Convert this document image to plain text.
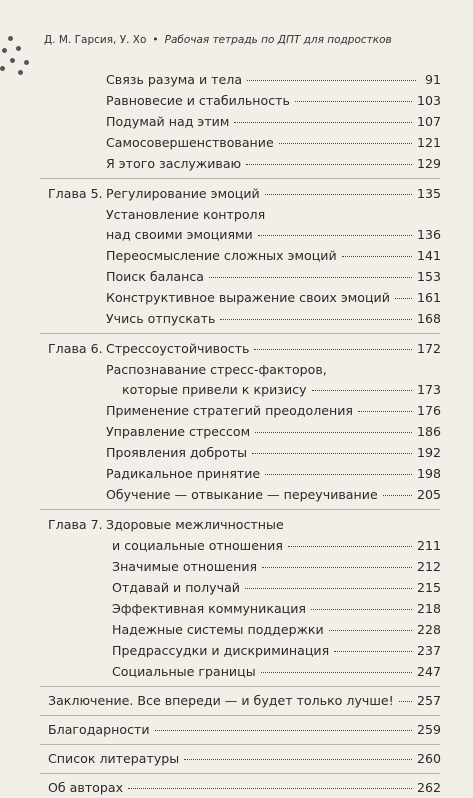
Д. М. Гарсия, У. Хо • Рабочая тетрадь по ДПТ для подростков
Связь разума и тела	91
Равновесие и стабильность	103
Подумай над этим	107
Самосовершенствование	121
Я этого заслуживаю	129
Глава 5. Регулирование эмоций	135
Установление контроля
над своими эмоциями	136
Переосмысление сложных эмоций	141
Поиск баланса	153
Конструктивное выражение своих эмоций 161
Учись отпускать	168
Глава 6. Стрессоустойчивость	172
Распознавание стресс-факторов,
которые привели к кризису	173
Применение стратегий преодоления	176
Управление стрессом	186
Проявления доброты	192
Радикальное принятие	198
Обучение — отвыкание — переучивание	205
Глава 7. Здоровые межличностные
и социальные отношения	211
Значимые отношения	212
Отдавай и получай	215
Эффективная коммуникация	218
Надежные системы поддержки	228
Предрассудки и дискриминация	237
Социальные границы	247
Заключение. Все впереди — и будет только лучше! 257
Благодарности	259
Список литературы	260
Об авторах	262
